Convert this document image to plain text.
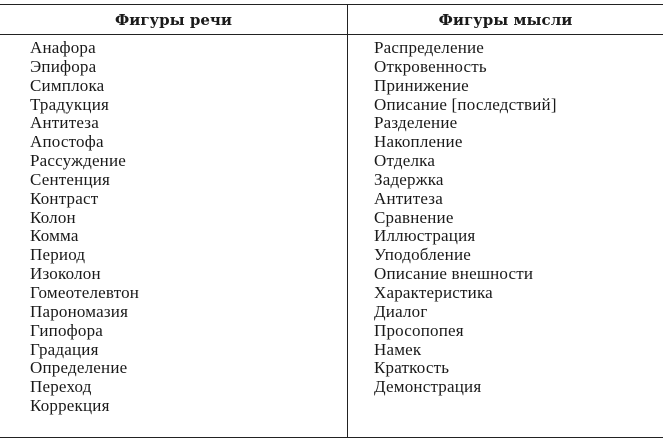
Фигуры речи	Фигуры мысли
Анафора
Эпифора
Симплока
Традукция
Антитеза
Апостофа
Рассуждение
Сентенция
Контраст
Колон
Комма
Период
Изоколон
Гомеотелевтон
Парономазия
Гипофора
Градация
Определение
Переход
Коррекция
Распределение
Откровенность
Принижение
Описание [последствий]
Разделение
Накопление
Отделка
Задержка
Антитеза
Сравнение
Иллюстрация
Уподобление
Описание внешности
Характеристика
Диалог
Просопопея
Намек
Краткость
Демонстрация
